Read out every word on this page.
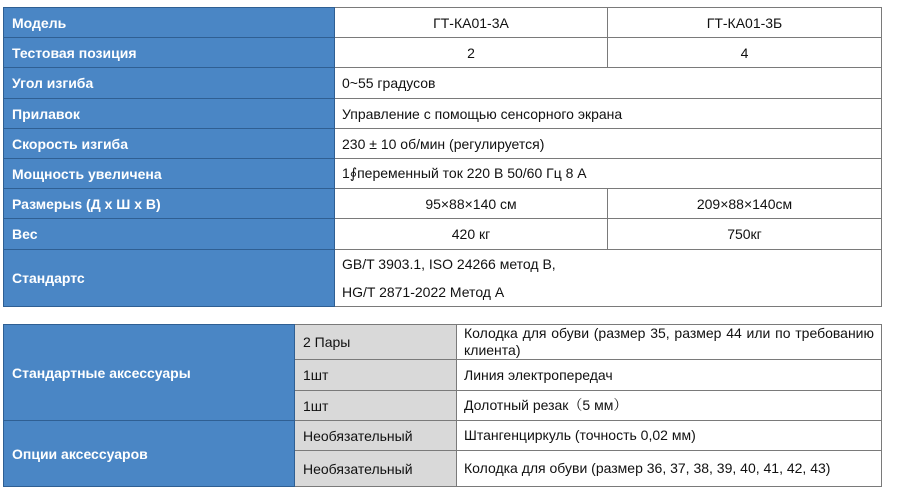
Модель	ГТ-КА01-3А	ГТ-КА01-3Б
Тестовая позиция	2	4
Угол изгиба	0~55 градусов	
Прилавок	Управление с помощью сенсорного экрана	
Скорость изгиба	230 ± 10 об/мин (регулируется)	
Мощность увеличена	1∮переменный ток 220 В 50/60 Гц 8 А	
Размерыs (Д х Ш х В)	95×88×140 см	209×88×140см
Вес	420 кг	750кг
Стандартс	GB/T 3903.1, ISO 24266 метод B,
HG/T 2871-2022 Метод А	
Стандартные аксессуары	2 Пары	Колодка для обуви (размер 35, размер 44 или по требованию клиента)
	1шт	Линия электропередач
	1шт	Долотный резак（5 мм）
Опции аксессуаров	Необязательный	Штангенциркуль (точность 0,02 мм)
	Необязательный	Колодка для обуви (размер 36, 37, 38, 39, 40, 41, 42, 43)
